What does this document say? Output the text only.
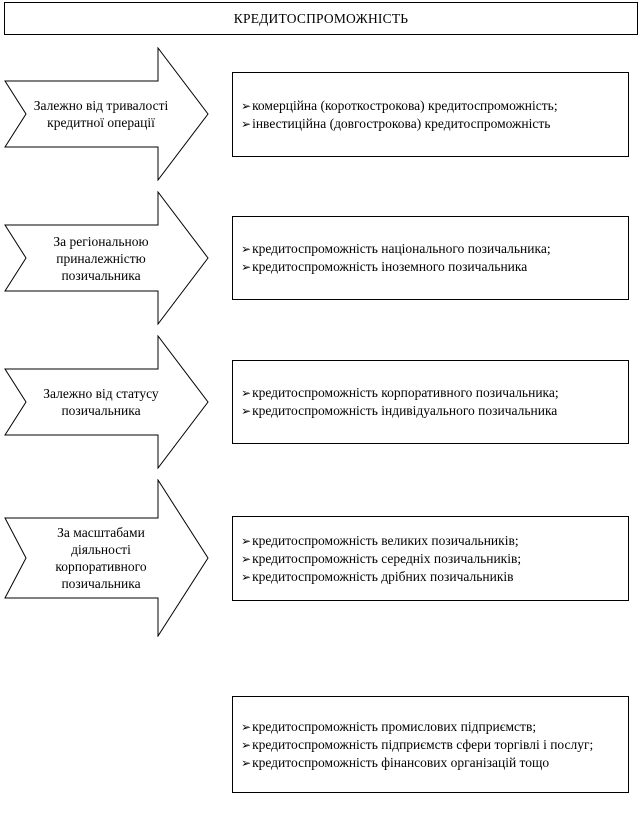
КРЕДИТОСПРОМОЖНІСТЬ
Залежно від тривалості кредитної операції
➢комерційна (короткострокова) кредитоспроможність;
➢інвестиційна (довгострокова) кредитоспроможність
За регіональною приналежністю позичальника
➢кредитоспроможність національного позичальника;
➢кредитоспроможність іноземного позичальника
Залежно від статусу позичальника
➢кредитоспроможність корпоративного позичальника;
➢кредитоспроможність індивідуального позичальника
За масштабами діяльності корпоративного позичальника
➢кредитоспроможність великих позичальників;
➢кредитоспроможність середніх позичальників;
➢кредитоспроможність дрібних позичальників
➢кредитоспроможність промислових підприємств;
➢кредитоспроможність підприємств сфери торгівлі і послуг;
➢кредитоспроможність фінансових організацій тощо
